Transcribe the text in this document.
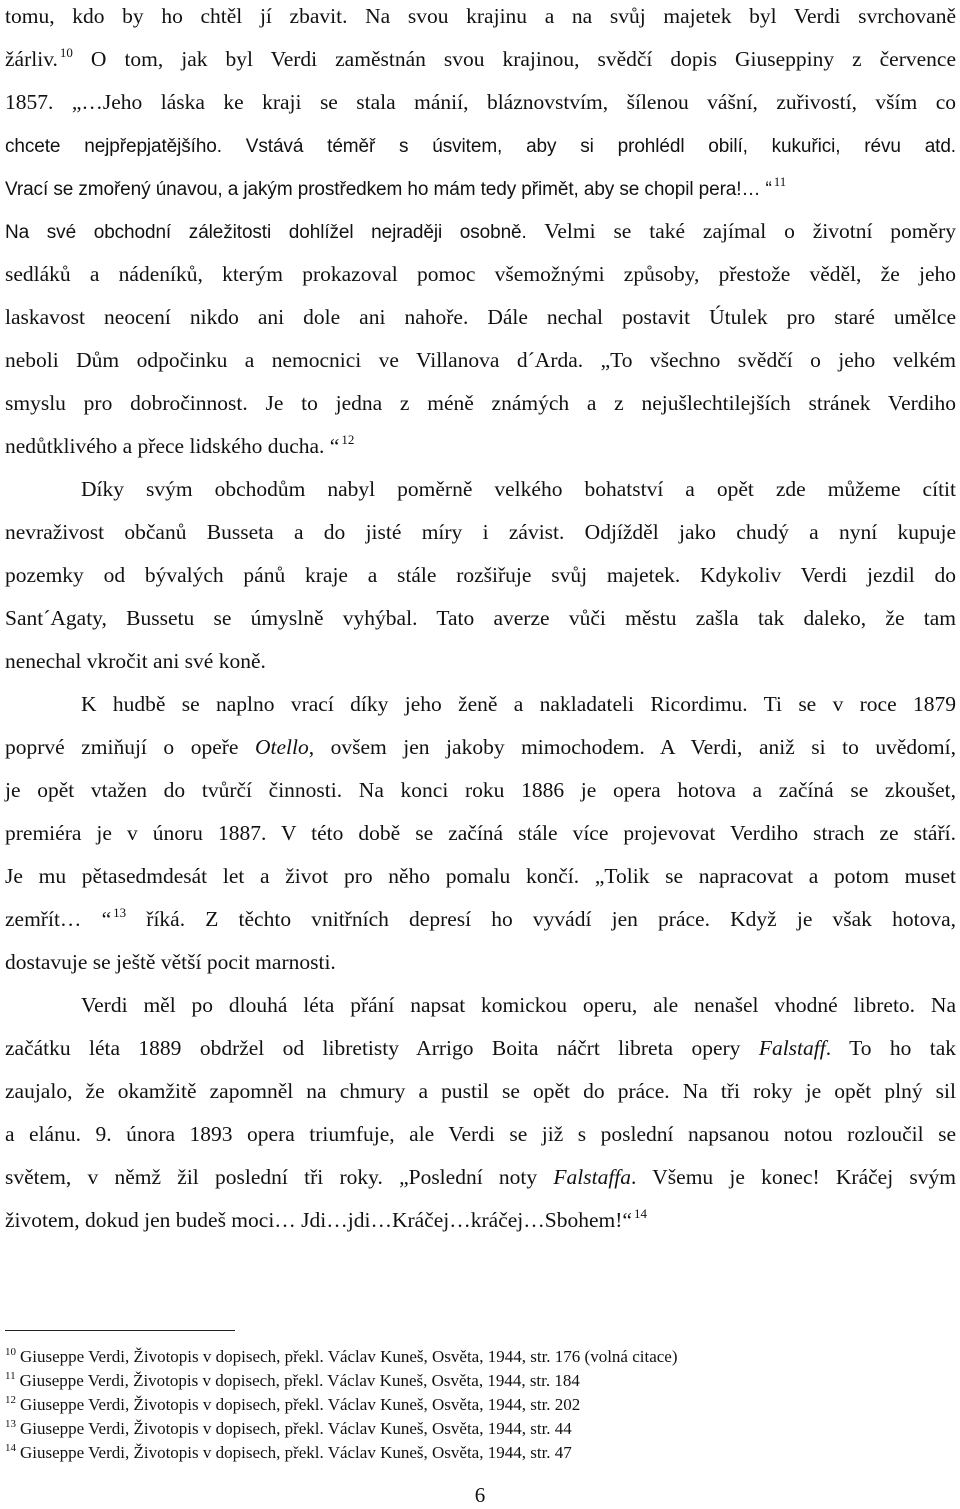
tomu, kdo by ho chtěl jí zbavit. Na svou krajinu a na svůj majetek byl Verdi svrchovaně
žárliv. $^{10}$ O tom, jak byl Verdi zaměstnán svou krajinou, svědčí dopis Giuseppiny z července
1857. „…Jeho láska ke kraji se stala mánií, bláznovstvím, šílenou vášní, zuřivostí, vším co
chcete nejpřepjatějšího. Vstává téměř s úsvitem, aby si prohlédl obilí, kukuřici, révu atd.
Vrací se zmořený únavou, a jakým prostředkem ho mám tedy přimět, aby se chopil pera!… “ $^{11}$
Na své obchodní záležitosti dohlížel nejraději osobně. Velmi se také zajímal o životní poměry
sedláků a nádeníků, kterým prokazoval pomoc všemožnými způsoby, přestože věděl, že jeho
laskavost neocení nikdo ani dole ani nahoře. Dále nechal postavit Útulek pro staré umělce
neboli Dům odpočinku a nemocnici ve Villanova d´Arda. „To všechno svědčí o jeho velkém
smyslu pro dobročinnost. Je to jedna z méně známých a z nejušlechtilejších stránek Verdiho
nedůtklivého a přece lidského ducha. “ $^{12}$
Díky svým obchodům nabyl poměrně velkého bohatství a opět zde můžeme cítit
nevraživost občanů Busseta a do jisté míry i závist. Odjížděl jako chudý a nyní kupuje
pozemky od bývalých pánů kraje a stále rozšiřuje svůj majetek. Kdykoliv Verdi jezdil do
Sant´Agaty, Bussetu se úmyslně vyhýbal. Tato averze vůči městu zašla tak daleko, že tam
nenechal vkročit ani své koně.
K hudbě se naplno vrací díky jeho ženě a nakladateli Ricordimu. Ti se v roce 1879
poprvé zmiňují o opeře Otello, ovšem jen jakoby mimochodem. A Verdi, aniž si to uvědomí,
je opět vtažen do tvůrčí činnosti. Na konci roku 1886 je opera hotova a začíná se zkoušet,
premiéra je v únoru 1887. V této době se začíná stále více projevovat Verdiho strach ze stáří.
Je mu pětasedmdesát let a život pro něho pomalu končí. „Tolik se napracovat a potom muset
zemřít… “ $^{13}$ říká. Z těchto vnitřních depresí ho vyvádí jen práce. Když je však hotova,
dostavuje se ještě větší pocit marnosti.
Verdi měl po dlouhá léta přání napsat komickou operu, ale nenašel vhodné libreto. Na
začátku léta 1889 obdržel od libretisty Arrigo Boita náčrt libreta opery Falstaff. To ho tak
zaujalo, že okamžitě zapomněl na chmury a pustil se opět do práce. Na tři roky je opět plný sil
a elánu. 9. února 1893 opera triumfuje, ale Verdi se již s poslední napsanou notou rozloučil se
světem, v němž žil poslední tři roky. „Poslední noty Falstaffa. Všemu je konec! Kráčej svým
životem, dokud jen budeš moci… Jdi…jdi…Kráčej…kráčej…Sbohem!“ $^{14}$
$^{10}$ Giuseppe Verdi, Životopis v dopisech, překl. Václav Kuneš, Osvěta, 1944, str. 176 (volná citace)
$^{11}$ Giuseppe Verdi, Životopis v dopisech, překl. Václav Kuneš, Osvěta, 1944, str. 184
$^{12}$ Giuseppe Verdi, Životopis v dopisech, překl. Václav Kuneš, Osvěta, 1944, str. 202
$^{13}$ Giuseppe Verdi, Životopis v dopisech, překl. Václav Kuneš, Osvěta, 1944, str. 44
$^{14}$ Giuseppe Verdi, Životopis v dopisech, překl. Václav Kuneš, Osvěta, 1944, str. 47
6
